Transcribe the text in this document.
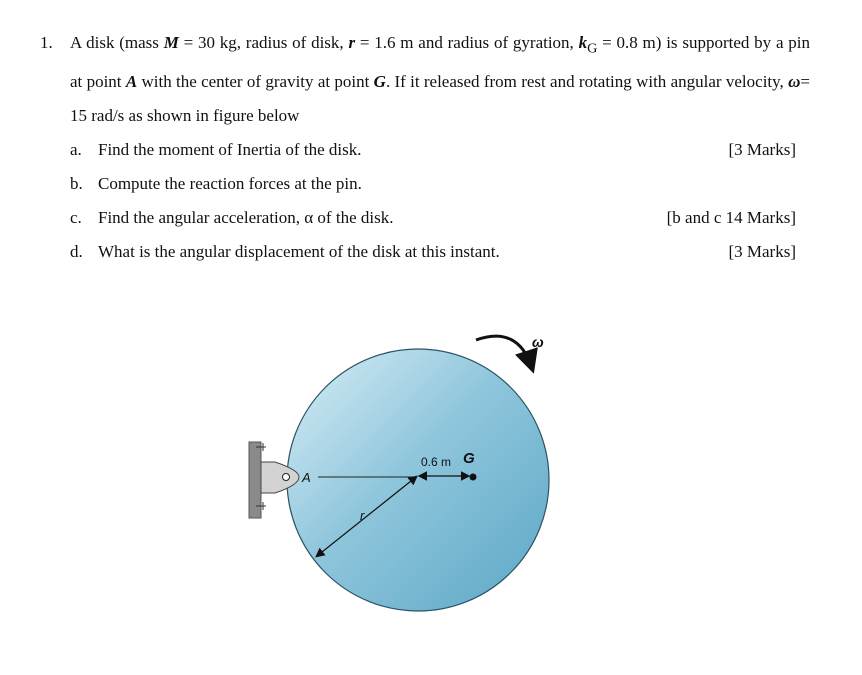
1. A disk (mass M = 30 kg, radius of disk, r = 1.6 m and radius of gyration, $k_G = 0.8$ m) is supported by a pin at point A with the center of gravity at point G. If it released from rest and rotating with angular velocity, ω= 15 rad/s as shown in figure below
a. Find the moment of Inertia of the disk.	[3 Marks]
b. Compute the reaction forces at the pin.
c. Find the angular acceleration, α of the disk.	[b and c 14 Marks]
d. What is the angular displacement of the disk at this instant.	[3 Marks]
A
G
r
ω
0.6 m
